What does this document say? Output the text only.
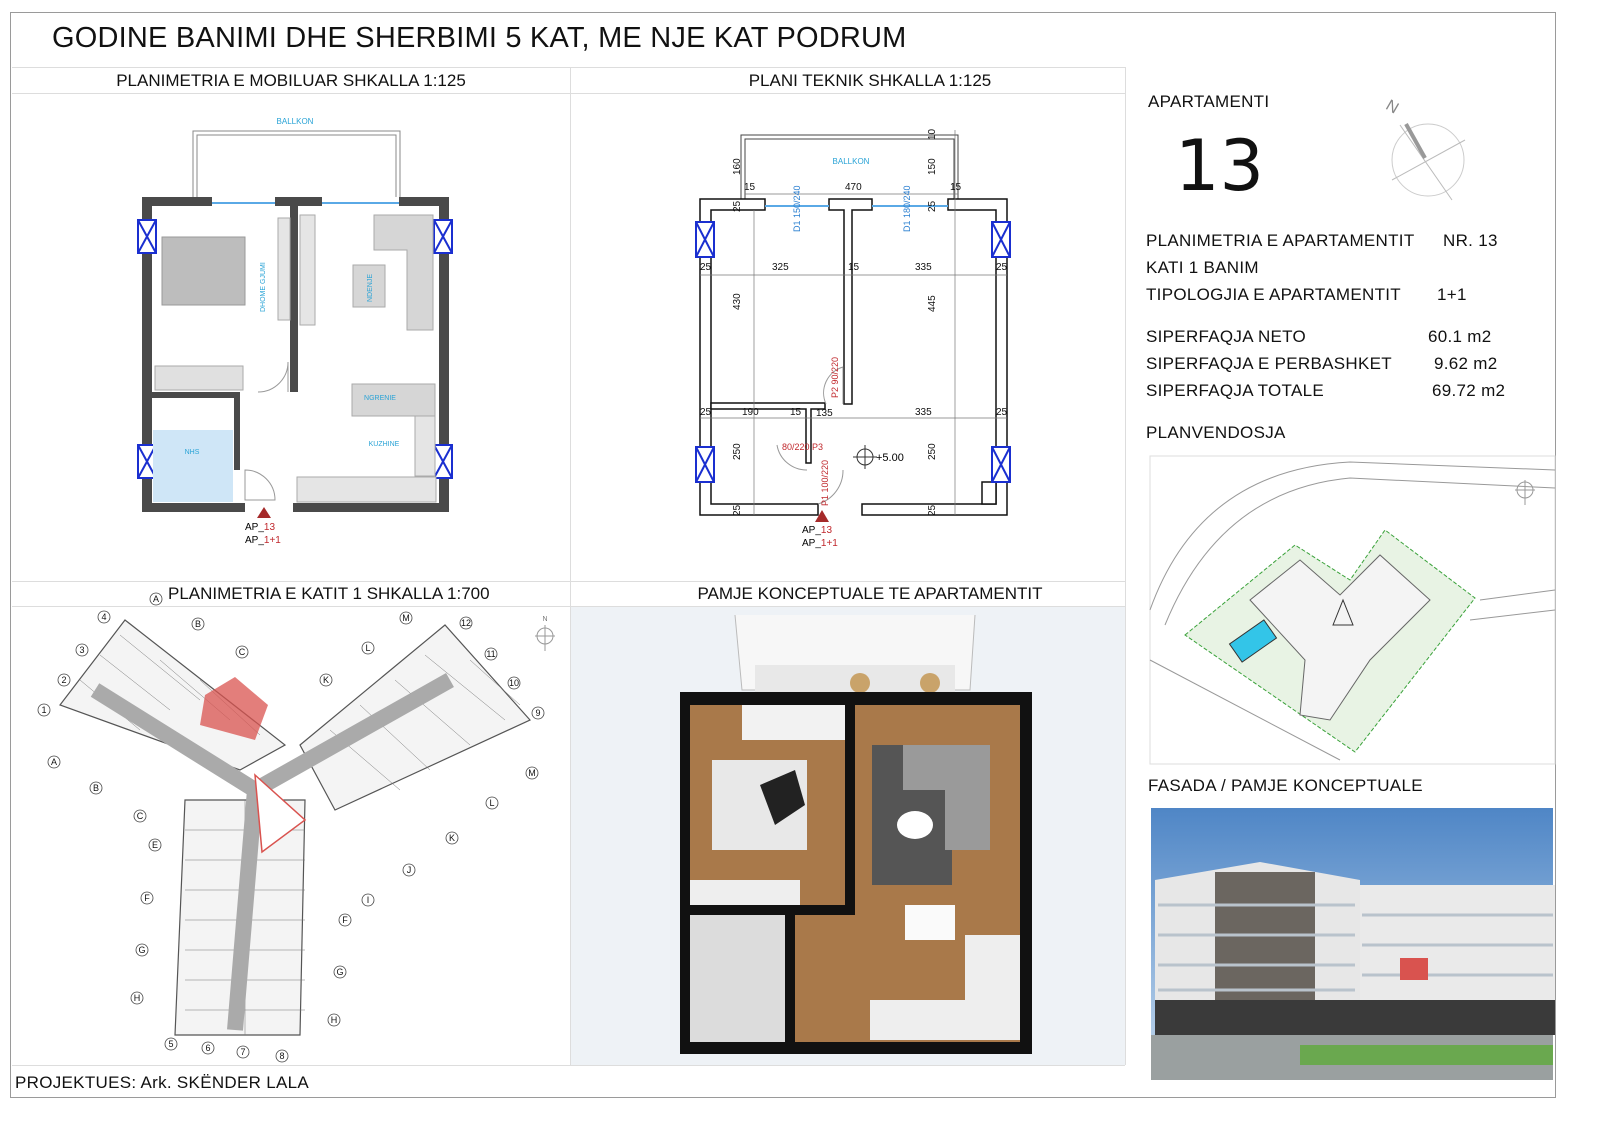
GODINE BANIMI DHE SHERBIMI 5 KAT, ME NJE KAT PODRUM
PLANIMETRIA E MOBILUAR SHKALLA 1:125	PLANI TEKNIK SHKALLA 1:125
PLANIMETRIA E KATIT 1 SHKALLA 1:700	PAMJE KONCEPTUALE TE APARTAMENTIT
APARTAMENTI
13
PLANIMETRIA E APARTAMENTIT NR. 13
KATI 1 BANIM
TIPOLOGJIA E APARTAMENTIT 1+1
SIPERFAQJA NETO	60.1 m2
SIPERFAQJA E PERBASHKET 9.62 m2
SIPERFAQJA TOTALE	69.72 m2
PLANVENDOSJA
FASADA / PAMJE KONCEPTUALE
PROJEKTUES: Ark. SKËNDER LALA
BALLKON
DHOME GJUMI	NDENJE
NGRENIE
KUZHINE
NHS
AP_13
AP_1+1
BALLKON
160
15	470	15
150
10
25	25
25	325	15	335	25
430	445
25	190	15 135	335	25
250	250
25	25
D1 150/240	D1 180/240
P2 90/220
80/220 P3
P1 100/220
+5.00
AP_13
AP_1+1
A
B
C
A
B
C
E
F
G
H
I
J
K
L
M
K
L
M
F
G
H
1
2
3
4
5	6	7	8
9
10
11
12	N
N
